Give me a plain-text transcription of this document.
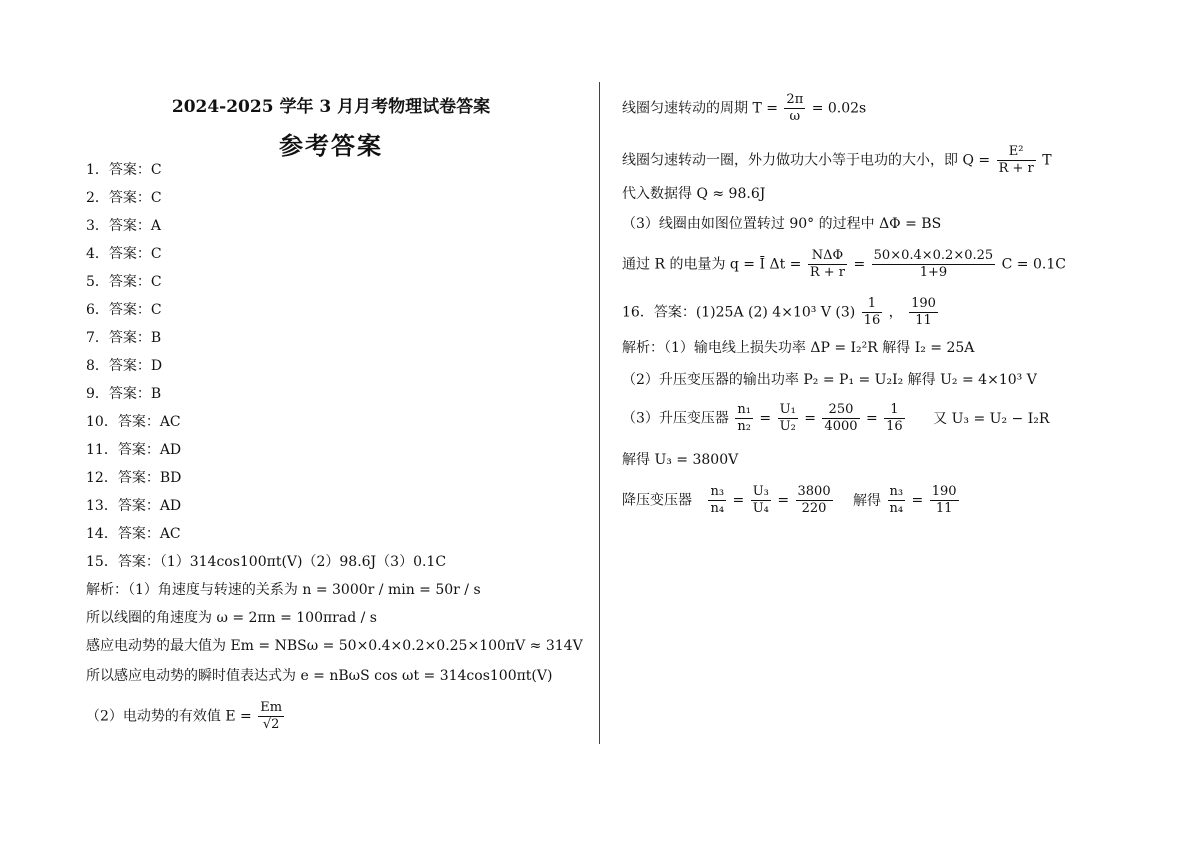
2024-2025 学年 3 月月考物理试卷答案
参考答案
1．答案：C
2．答案：C
3．答案：A
4．答案：C
5．答案：C
6．答案：C
7．答案：B
8．答案：D
9．答案：B
10．答案：AC
11．答案：AD
12．答案：BD
13．答案：AD
14．答案：AC
15．答案：（1）314cos100πt(V)（2）98.6J（3）0.1C
解析：（1）角速度与转速的关系为 n = 3000r / min = 50r / s
所以线圈的角速度为 ω = 2πn = 100πrad / s
感应电动势的最大值为 Em = NBSω = 50×0.4×0.2×0.25×100πV ≈ 314V
所以感应电动势的瞬时值表达式为 e = nBωS cos ωt = 314cos100πt(V)
（2）电动势的有效值 $E = \frac{Em}{√2}$
线圈匀速转动的周期 $T = \frac{2\pi}{\omega} = 0.02s$
线圈匀速转动一圈，外力做功大小等于电功的大小，即 $Q = \frac{\text{E²}}{R + r}$ T
代入数据得 Q ≈ 98.6J
（3）线圈由如图位置转过 90° 的过程中 ΔΦ = BS
通过 R 的电量为 q = Ī $\Delta t = \frac{\text{NΔΦ}}{R + r} = \frac{50\times 0.4\times 0.2\times 0.25}{1+9}$ C = 0.1C
16．答案：(1)25A (2) 4×10³ V $(3) \frac{1}{16}$ ， $\frac{190}{11}$
解析：（1）输电线上损失功率 ΔP = I₂²R 解得 I₂ = 25A
（2）升压变压器的输出功率 P₂ = P₁ = U₂I₂ 解得 U₂ = 4×10³ V
（3）升压变压器 $\frac{\text{n₁}}{\text{n₂}} = \frac{\text{U₁}}{\text{U₂}} = \frac{250}{4000} = \frac{1}{16}$ 又 U₃ = U₂ − I₂R
解得 U₃ = 3800V
降压变压器 $\frac{\text{n₃}}{\text{n₄}} = \frac{\text{U₃}}{\text{U₄}} = \frac{3800}{220}$ 解得 $\frac{\text{n₃}}{\text{n₄}} = \frac{190}{11}$
